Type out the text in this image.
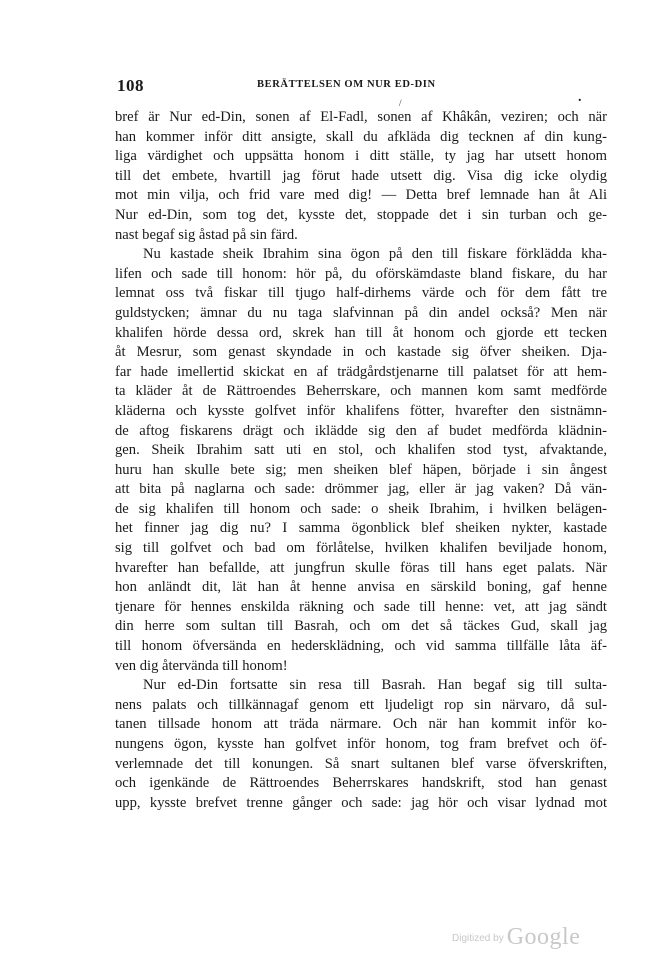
108	BERÄTTELSEN OM NUR ED-DIN
/	.
bref är Nur ed-Din, sonen af El-Fadl, sonen af Khâkân, veziren; och när
han kommer inför ditt ansigte, skall du afkläda dig tecknen af din kung-
liga värdighet och uppsätta honom i ditt ställe, ty jag har utsett honom
till det embete, hvartill jag förut hade utsett dig. Visa dig icke olydig
mot min vilja, och frid vare med dig! — Detta bref lemnade han åt Ali
Nur ed-Din, som tog det, kysste det, stoppade det i sin turban och ge-
nast begaf sig åstad på sin färd.
Nu kastade sheik Ibrahim sina ögon på den till fiskare förklädda kha-
lifen och sade till honom: hör på, du oförskämdaste bland fiskare, du har
lemnat oss två fiskar till tjugo half-dirhems värde och för dem fått tre
guldstycken; ämnar du nu taga slafvinnan på din andel också? Men när
khalifen hörde dessa ord, skrek han till åt honom och gjorde ett tecken
åt Mesrur, som genast skyndade in och kastade sig öfver sheiken. Dja-
far hade imellertid skickat en af trädgårdstjenarne till palatset för att hem-
ta kläder åt de Rättroendes Beherrskare, och mannen kom samt medförde
kläderna och kysste golfvet inför khalifens fötter, hvarefter den sistnämn-
de aftog fiskarens drägt och ikläddе sig den af budet medförda klädnin-
gen. Sheik Ibrahim satt uti en stol, och khalifen stod tyst, afvaktande,
huru han skulle bete sig; men sheiken blef häpen, började i sin ångest
att bita på naglarna och sade: drömmer jag, eller är jag vaken? Då vän-
de sig khalifen till honom och sade: o sheik Ibrahim, i hvilken belägen-
het finner jag dig nu? I samma ögonblick blef sheiken nykter, kastade
sig till golfvet och bad om förlåtelse, hvilken khalifen beviljade honom,
hvarefter han befallde, att jungfrun skulle föras till hans eget palats. När
hon anländt dit, lät han åt henne anvisa en särskild boning, gaf henne
tjenare för hennes enskilda räkning och sade till henne: vet, att jag sändt
din herre som sultan till Basrah, och om det så täckes Gud, skall jag
till honom öfversända en hedersklädning, och vid samma tillfälle låta äf-
ven dig återvända till honom!
Nur ed-Din fortsatte sin resa till Basrah. Han begaf sig till sulta-
nens palats och tillkännagaf genom ett ljudeligt rop sin närvaro, då sul-
tanen tillsade honom att träda närmare. Och när han kommit inför ko-
nungens ögon, kysste han golfvet inför honom, tog fram brefvet och öf-
verlemnade det till konungen. Så snart sultanen blef varse öfverskriften,
och igenkände de Rättroendes Beherrskares handskrift, stod han genast
upp, kysste brefvet trenne gånger och sade: jag hör och visar lydnad mot
Digitized by Google
